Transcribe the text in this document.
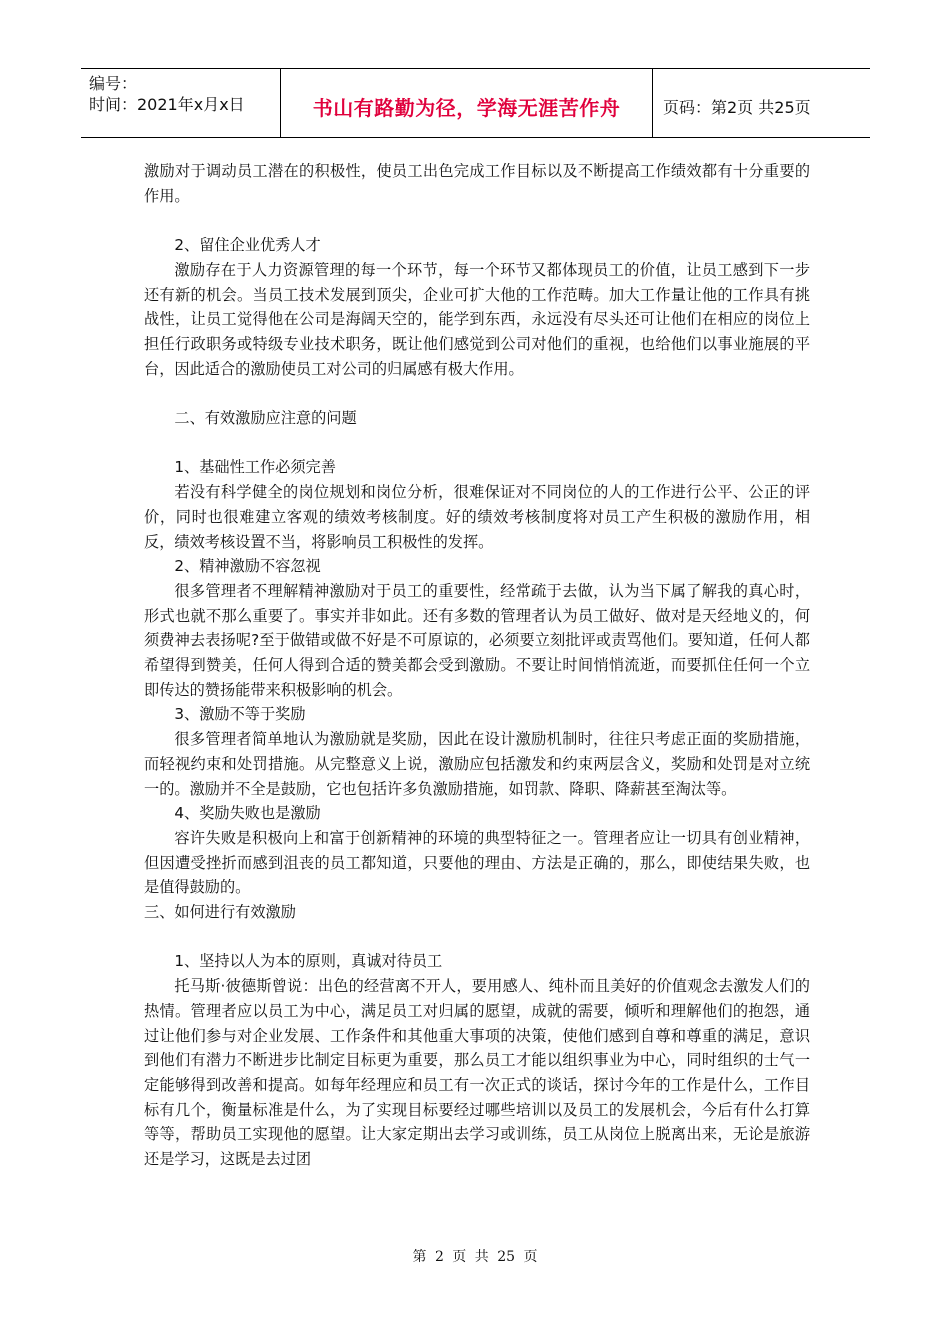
编号：
时间：2021年x月x日	书山有路勤为径，学海无涯苦作舟	页码：第2页 共25页

激励对于调动员工潜在的积极性，使员工出色完成工作目标以及不断提高工作绩效都有十分重要的作用。

2、留住企业优秀人才

激励存在于人力资源管理的每一个环节，每一个环节又都体现员工的价值，让员工感到下一步还有新的机会。当员工技术发展到顶尖，企业可扩大他的工作范畴。加大工作量让他的工作具有挑战性，让员工觉得他在公司是海阔天空的，能学到东西，永远没有尽头还可让他们在相应的岗位上担任行政职务或特级专业技术职务，既让他们感觉到公司对他们的重视，也给他们以事业施展的平台，因此适合的激励使员工对公司的归属感有极大作用。

二、有效激励应注意的问题

1、基础性工作必须完善

若没有科学健全的岗位规划和岗位分析，很难保证对不同岗位的人的工作进行公平、公正的评价，同时也很难建立客观的绩效考核制度。好的绩效考核制度将对员工产生积极的激励作用，相反，绩效考核设置不当，将影响员工积极性的发挥。

2、精神激励不容忽视

很多管理者不理解精神激励对于员工的重要性，经常疏于去做，认为当下属了解我的真心时，形式也就不那么重要了。事实并非如此。还有多数的管理者认为员工做好、做对是天经地义的，何须费神去表扬呢?至于做错或做不好是不可原谅的，必须要立刻批评或责骂他们。要知道，任何人都希望得到赞美，任何人得到合适的赞美都会受到激励。不要让时间悄悄流逝，而要抓住任何一个立即传达的赞扬能带来积极影响的机会。

3、激励不等于奖励

很多管理者简单地认为激励就是奖励，因此在设计激励机制时，往往只考虑正面的奖励措施，而轻视约束和处罚措施。从完整意义上说，激励应包括激发和约束两层含义，奖励和处罚是对立统一的。激励并不全是鼓励，它也包括许多负激励措施，如罚款、降职、降薪甚至淘汰等。

4、奖励失败也是激励

容许失败是积极向上和富于创新精神的环境的典型特征之一。管理者应让一切具有创业精神，但因遭受挫折而感到沮丧的员工都知道，只要他的理由、方法是正确的，那么，即使结果失败，也是值得鼓励的。

三、如何进行有效激励

1、坚持以人为本的原则，真诚对待员工

托马斯·彼德斯曾说：出色的经营离不开人，要用感人、纯朴而且美好的价值观念去激发人们的热情。管理者应以员工为中心，满足员工对归属的愿望，成就的需要，倾听和理解他们的抱怨，通过让他们参与对企业发展、工作条件和其他重大事项的决策，使他们感到自尊和尊重的满足，意识到他们有潜力不断进步比制定目标更为重要，那么员工才能以组织事业为中心，同时组织的士气一定能够得到改善和提高。如每年经理应和员工有一次正式的谈话，探讨今年的工作是什么，工作目标有几个，衡量标准是什么，为了实现目标要经过哪些培训以及员工的发展机会，今后有什么打算等等，帮助员工实现他的愿望。让大家定期出去学习或训练，员工从岗位上脱离出来，无论是旅游还是学习，这既是去过团

第 2 页 共 25 页
